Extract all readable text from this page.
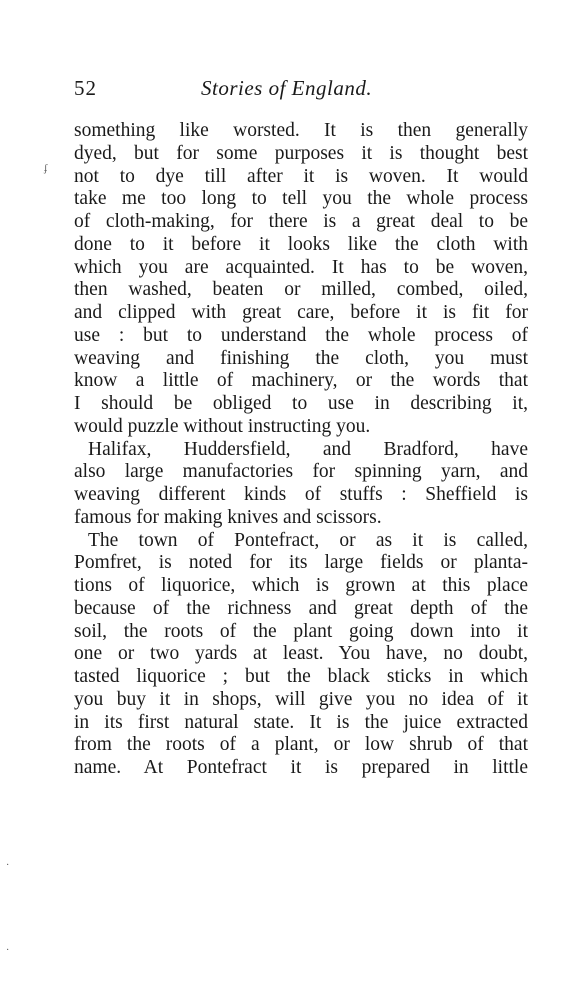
52	Stories of England.
ʄ
·
·
something like worsted. It is then generally
dyed, but for some purposes it is thought best
not to dye till after it is woven. It would
take me too long to tell you the whole process
of cloth-making, for there is a great deal to be
done to it before it looks like the cloth with
which you are acquainted. It has to be woven,
then washed, beaten or milled, combed, oiled,
and clipped with great care, before it is fit for
use : but to understand the whole process of
weaving and finishing the cloth, you must
know a little of machinery, or the words that
I should be obliged to use in describing it,
would puzzle without instructing you.
Halifax, Huddersfield, and Bradford, have
also large manufactories for spinning yarn, and
weaving different kinds of stuffs : Sheffield is
famous for making knives and scissors.
The town of Pontefract, or as it is called,
Pomfret, is noted for its large fields or planta-
tions of liquorice, which is grown at this place
because of the richness and great depth of the
soil, the roots of the plant going down into it
one or two yards at least. You have, no doubt,
tasted liquorice ; but the black sticks in which
you buy it in shops, will give you no idea of it
in its first natural state. It is the juice extracted
from the roots of a plant, or low shrub of that
name. At Pontefract it is prepared in little
